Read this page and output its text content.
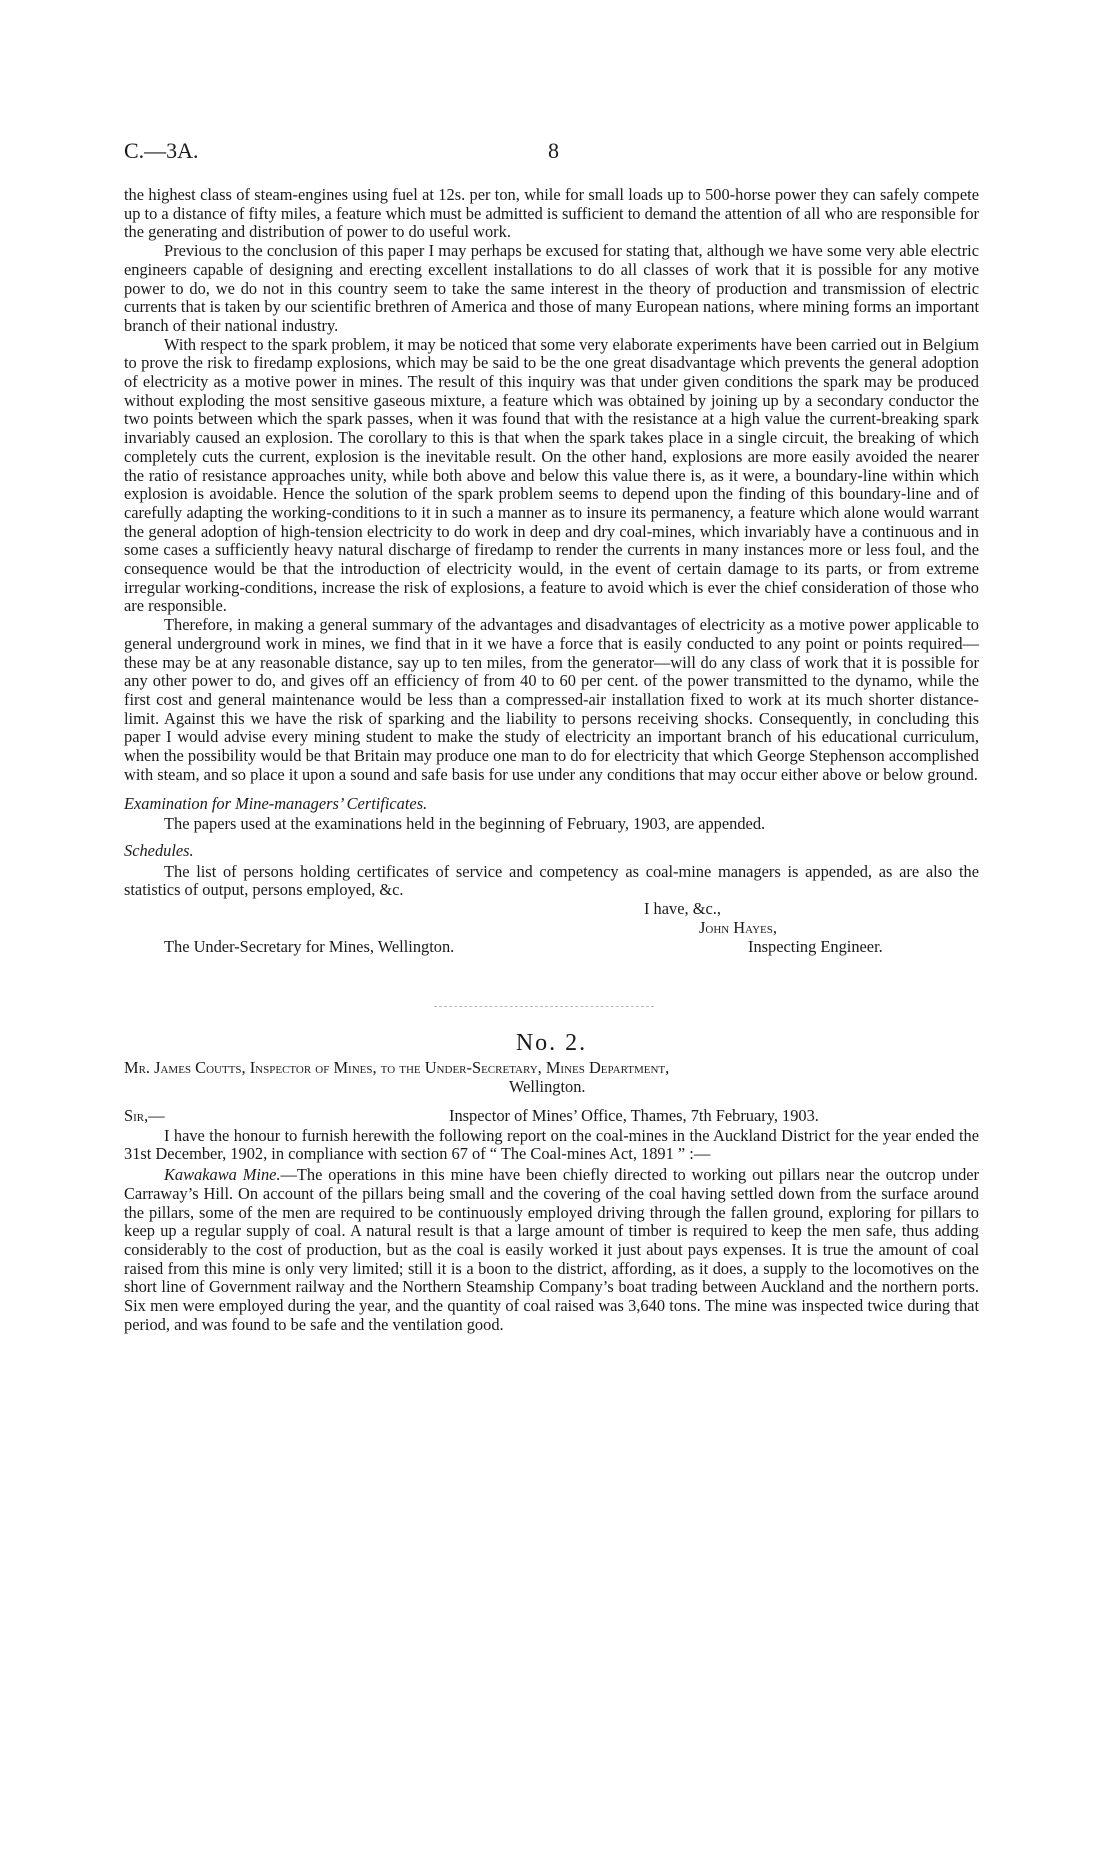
C.—3A.	8

the highest class of steam-engines using fuel at 12s. per ton, while for small loads up to 500-horse power they can safely compete up to a distance of fifty miles, a feature which must be admitted is sufficient to demand the attention of all who are responsible for the generating and distribution of power to do useful work.

Previous to the conclusion of this paper I may perhaps be excused for stating that, although we have some very able electric engineers capable of designing and erecting excellent installations to do all classes of work that it is possible for any motive power to do, we do not in this country seem to take the same interest in the theory of production and transmission of electric currents that is taken by our scientific brethren of America and those of many European nations, where mining forms an important branch of their national industry.

With respect to the spark problem, it may be noticed that some very elaborate experiments have been carried out in Belgium to prove the risk to firedamp explosions, which may be said to be the one great disadvantage which prevents the general adoption of electricity as a motive power in mines. The result of this inquiry was that under given conditions the spark may be produced without exploding the most sensitive gaseous mixture, a feature which was obtained by joining up by a secondary conductor the two points between which the spark passes, when it was found that with the resistance at a high value the current-breaking spark invariably caused an explosion. The corollary to this is that when the spark takes place in a single circuit, the breaking of which completely cuts the current, explosion is the inevitable result. On the other hand, explosions are more easily avoided the nearer the ratio of resistance approaches unity, while both above and below this value there is, as it were, a boundary-line within which explosion is avoidable. Hence the solution of the spark problem seems to depend upon the finding of this boundary-line and of carefully adapting the working-conditions to it in such a manner as to insure its permanency, a feature which alone would warrant the general adoption of high-tension electricity to do work in deep and dry coal-mines, which invariably have a continuous and in some cases a sufficiently heavy natural discharge of firedamp to render the currents in many instances more or less foul, and the consequence would be that the introduction of electricity would, in the event of certain damage to its parts, or from extreme irregular working-conditions, increase the risk of explosions, a feature to avoid which is ever the chief consideration of those who are responsible.

Therefore, in making a general summary of the advantages and disadvantages of electricity as a motive power applicable to general underground work in mines, we find that in it we have a force that is easily conducted to any point or points required—these may be at any reasonable distance, say up to ten miles, from the generator—will do any class of work that it is possible for any other power to do, and gives off an efficiency of from 40 to 60 per cent. of the power transmitted to the dynamo, while the first cost and general maintenance would be less than a compressed-air installation fixed to work at its much shorter distance-limit. Against this we have the risk of sparking and the liability to persons receiving shocks. Consequently, in concluding this paper I would advise every mining student to make the study of electricity an important branch of his educational curriculum, when the possibility would be that Britain may produce one man to do for electricity that which George Stephenson accomplished with steam, and so place it upon a sound and safe basis for use under any conditions that may occur either above or below ground.

Examination for Mine-managers’ Certificates.

The papers used at the examinations held in the beginning of February, 1903, are appended.

Schedules.

The list of persons holding certificates of service and competency as coal-mine managers is appended, as are also the statistics of output, persons employed, &c.

I have, &c.,
John Hayes,
The Under-Secretary for Mines, Wellington.	Inspecting Engineer.
No. 2.
Mr. James Coutts, Inspector of Mines, to the Under-Secretary, Mines Department,
Wellington.
Sir,—	Inspector of Mines’ Office, Thames, 7th February, 1903.

I have the honour to furnish herewith the following report on the coal-mines in the Auckland District for the year ended the 31st December, 1902, in compliance with section 67 of “ The Coal-mines Act, 1891 ” :—

Kawakawa Mine.—The operations in this mine have been chiefly directed to working out pillars near the outcrop under Carraway’s Hill. On account of the pillars being small and the covering of the coal having settled down from the surface around the pillars, some of the men are required to be continuously employed driving through the fallen ground, exploring for pillars to keep up a regular supply of coal. A natural result is that a large amount of timber is required to keep the men safe, thus adding considerably to the cost of production, but as the coal is easily worked it just about pays expenses. It is true the amount of coal raised from this mine is only very limited; still it is a boon to the district, affording, as it does, a supply to the locomotives on the short line of Government railway and the Northern Steamship Company’s boat trading between Auckland and the northern ports. Six men were employed during the year, and the quantity of coal raised was 3,640 tons. The mine was inspected twice during that period, and was found to be safe and the ventilation good.
